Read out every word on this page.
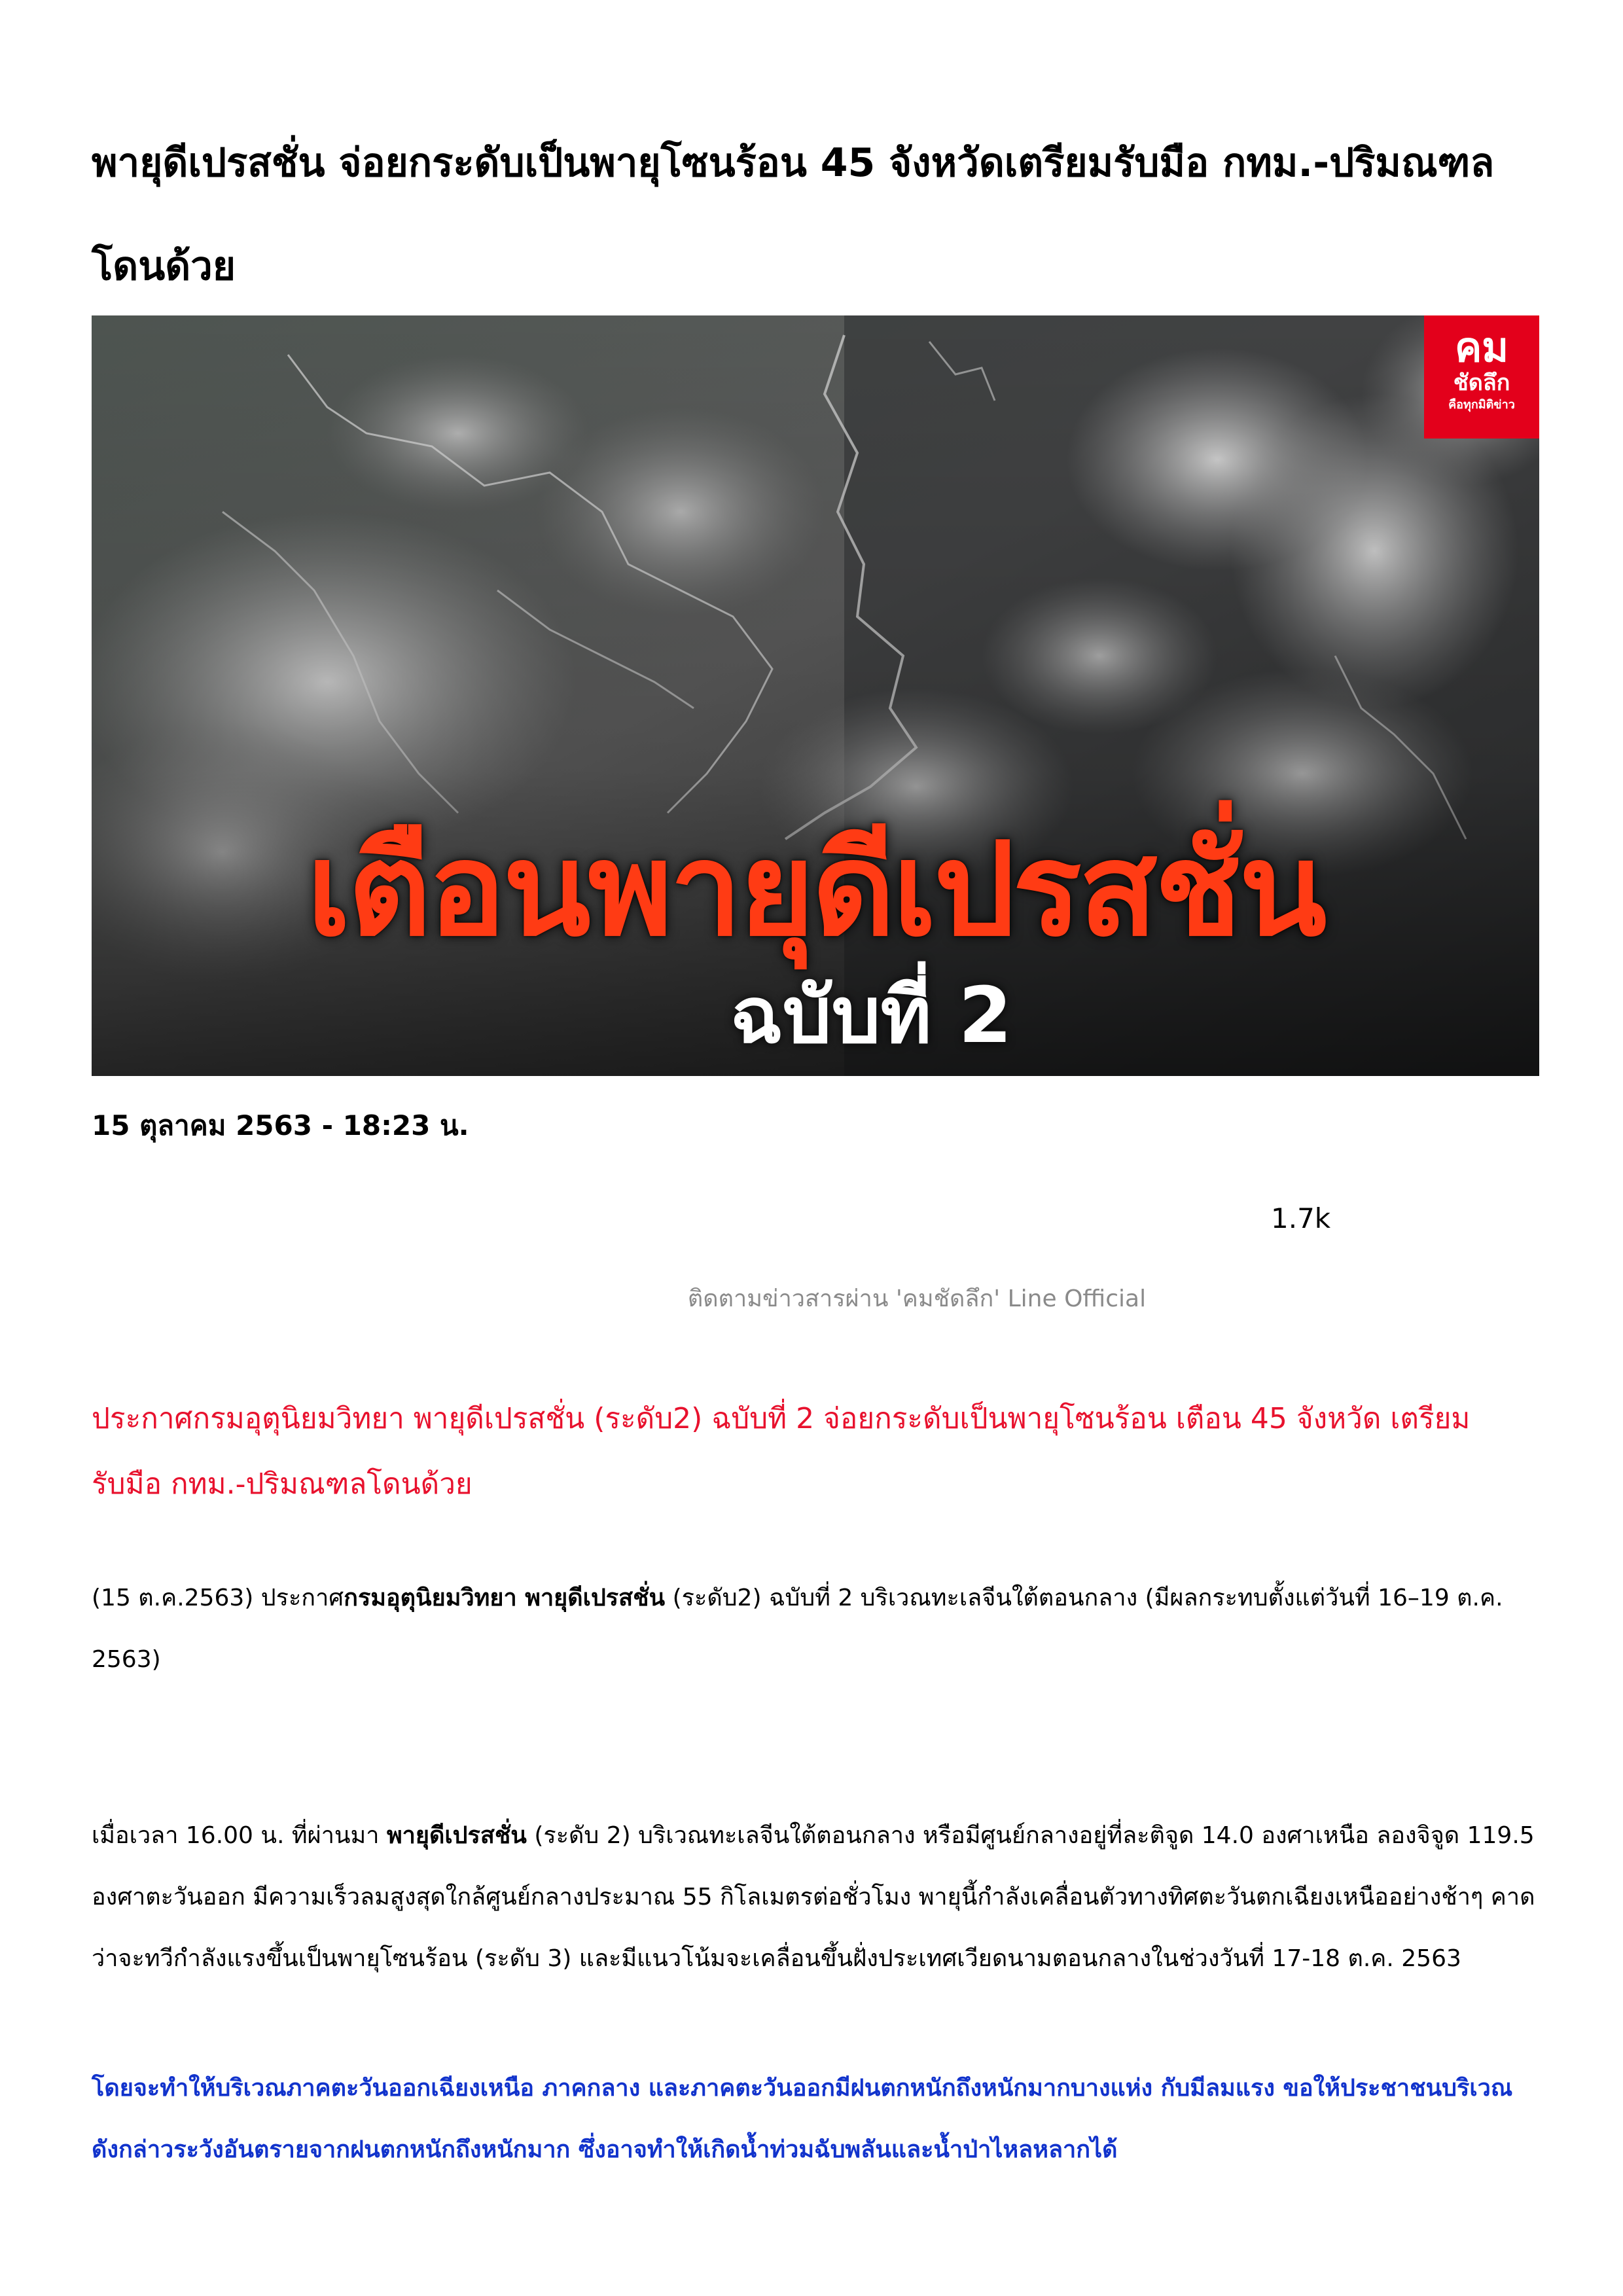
พายุดีเปรสชั่น จ่อยกระดับเป็นพายุโซนร้อน 45 จังหวัดเตรียมรับมือ กทม.-ปริมณฑลโดนด้วย
คม
ชัดลึก
คือทุกมิติข่าว
เตือนพายุดีเปรสชั่น
ฉบับที่ 2
15 ตุลาคม 2563 - 18:23 น.
1.7k
ติดตามข่าวสารผ่าน 'คมชัดลึก' Line Official

ประกาศกรมอุตุนิยมวิทยา พายุดีเปรสชั่น (ระดับ2) ฉบับที่ 2 จ่อยกระดับเป็นพายุโซนร้อน เตือน 45 จังหวัด เตรียมรับมือ กทม.-ปริมณฑลโดนด้วย

(15 ต.ค.2563) ประกาศกรมอุตุนิยมวิทยา พายุดีเปรสชั่น (ระดับ2) ฉบับที่ 2 บริเวณทะเลจีนใต้ตอนกลาง (มีผลกระทบตั้งแต่วันที่ 16–19 ต.ค. 2563)

เมื่อเวลา 16.00 น. ที่ผ่านมา พายุดีเปรสชั่น (ระดับ 2) บริเวณทะเลจีนใต้ตอนกลาง หรือมีศูนย์กลางอยู่ที่ละติจูด 14.0 องศาเหนือ ลองจิจูด 119.5 องศาตะวันออก มีความเร็วลมสูงสุดใกล้ศูนย์กลางประมาณ 55 กิโลเมตรต่อชั่วโมง พายุนี้กำลังเคลื่อนตัวทางทิศตะวันตกเฉียงเหนืออย่างช้าๆ คาดว่าจะทวีกำลังแรงขึ้นเป็นพายุโซนร้อน (ระดับ 3) และมีแนวโน้มจะเคลื่อนขึ้นฝั่งประเทศเวียดนามตอนกลางในช่วงวันที่ 17-18 ต.ค. 2563

โดยจะทำให้บริเวณภาคตะวันออกเฉียงเหนือ ภาคกลาง และภาคตะวันออกมีฝนตกหนักถึงหนักมากบางแห่ง กับมีลมแรง ขอให้ประชาชนบริเวณดังกล่าวระวังอันตรายจากฝนตกหนักถึงหนักมาก ซึ่งอาจทำให้เกิดน้ำท่วมฉับพลันและน้ำป่าไหลหลากได้
